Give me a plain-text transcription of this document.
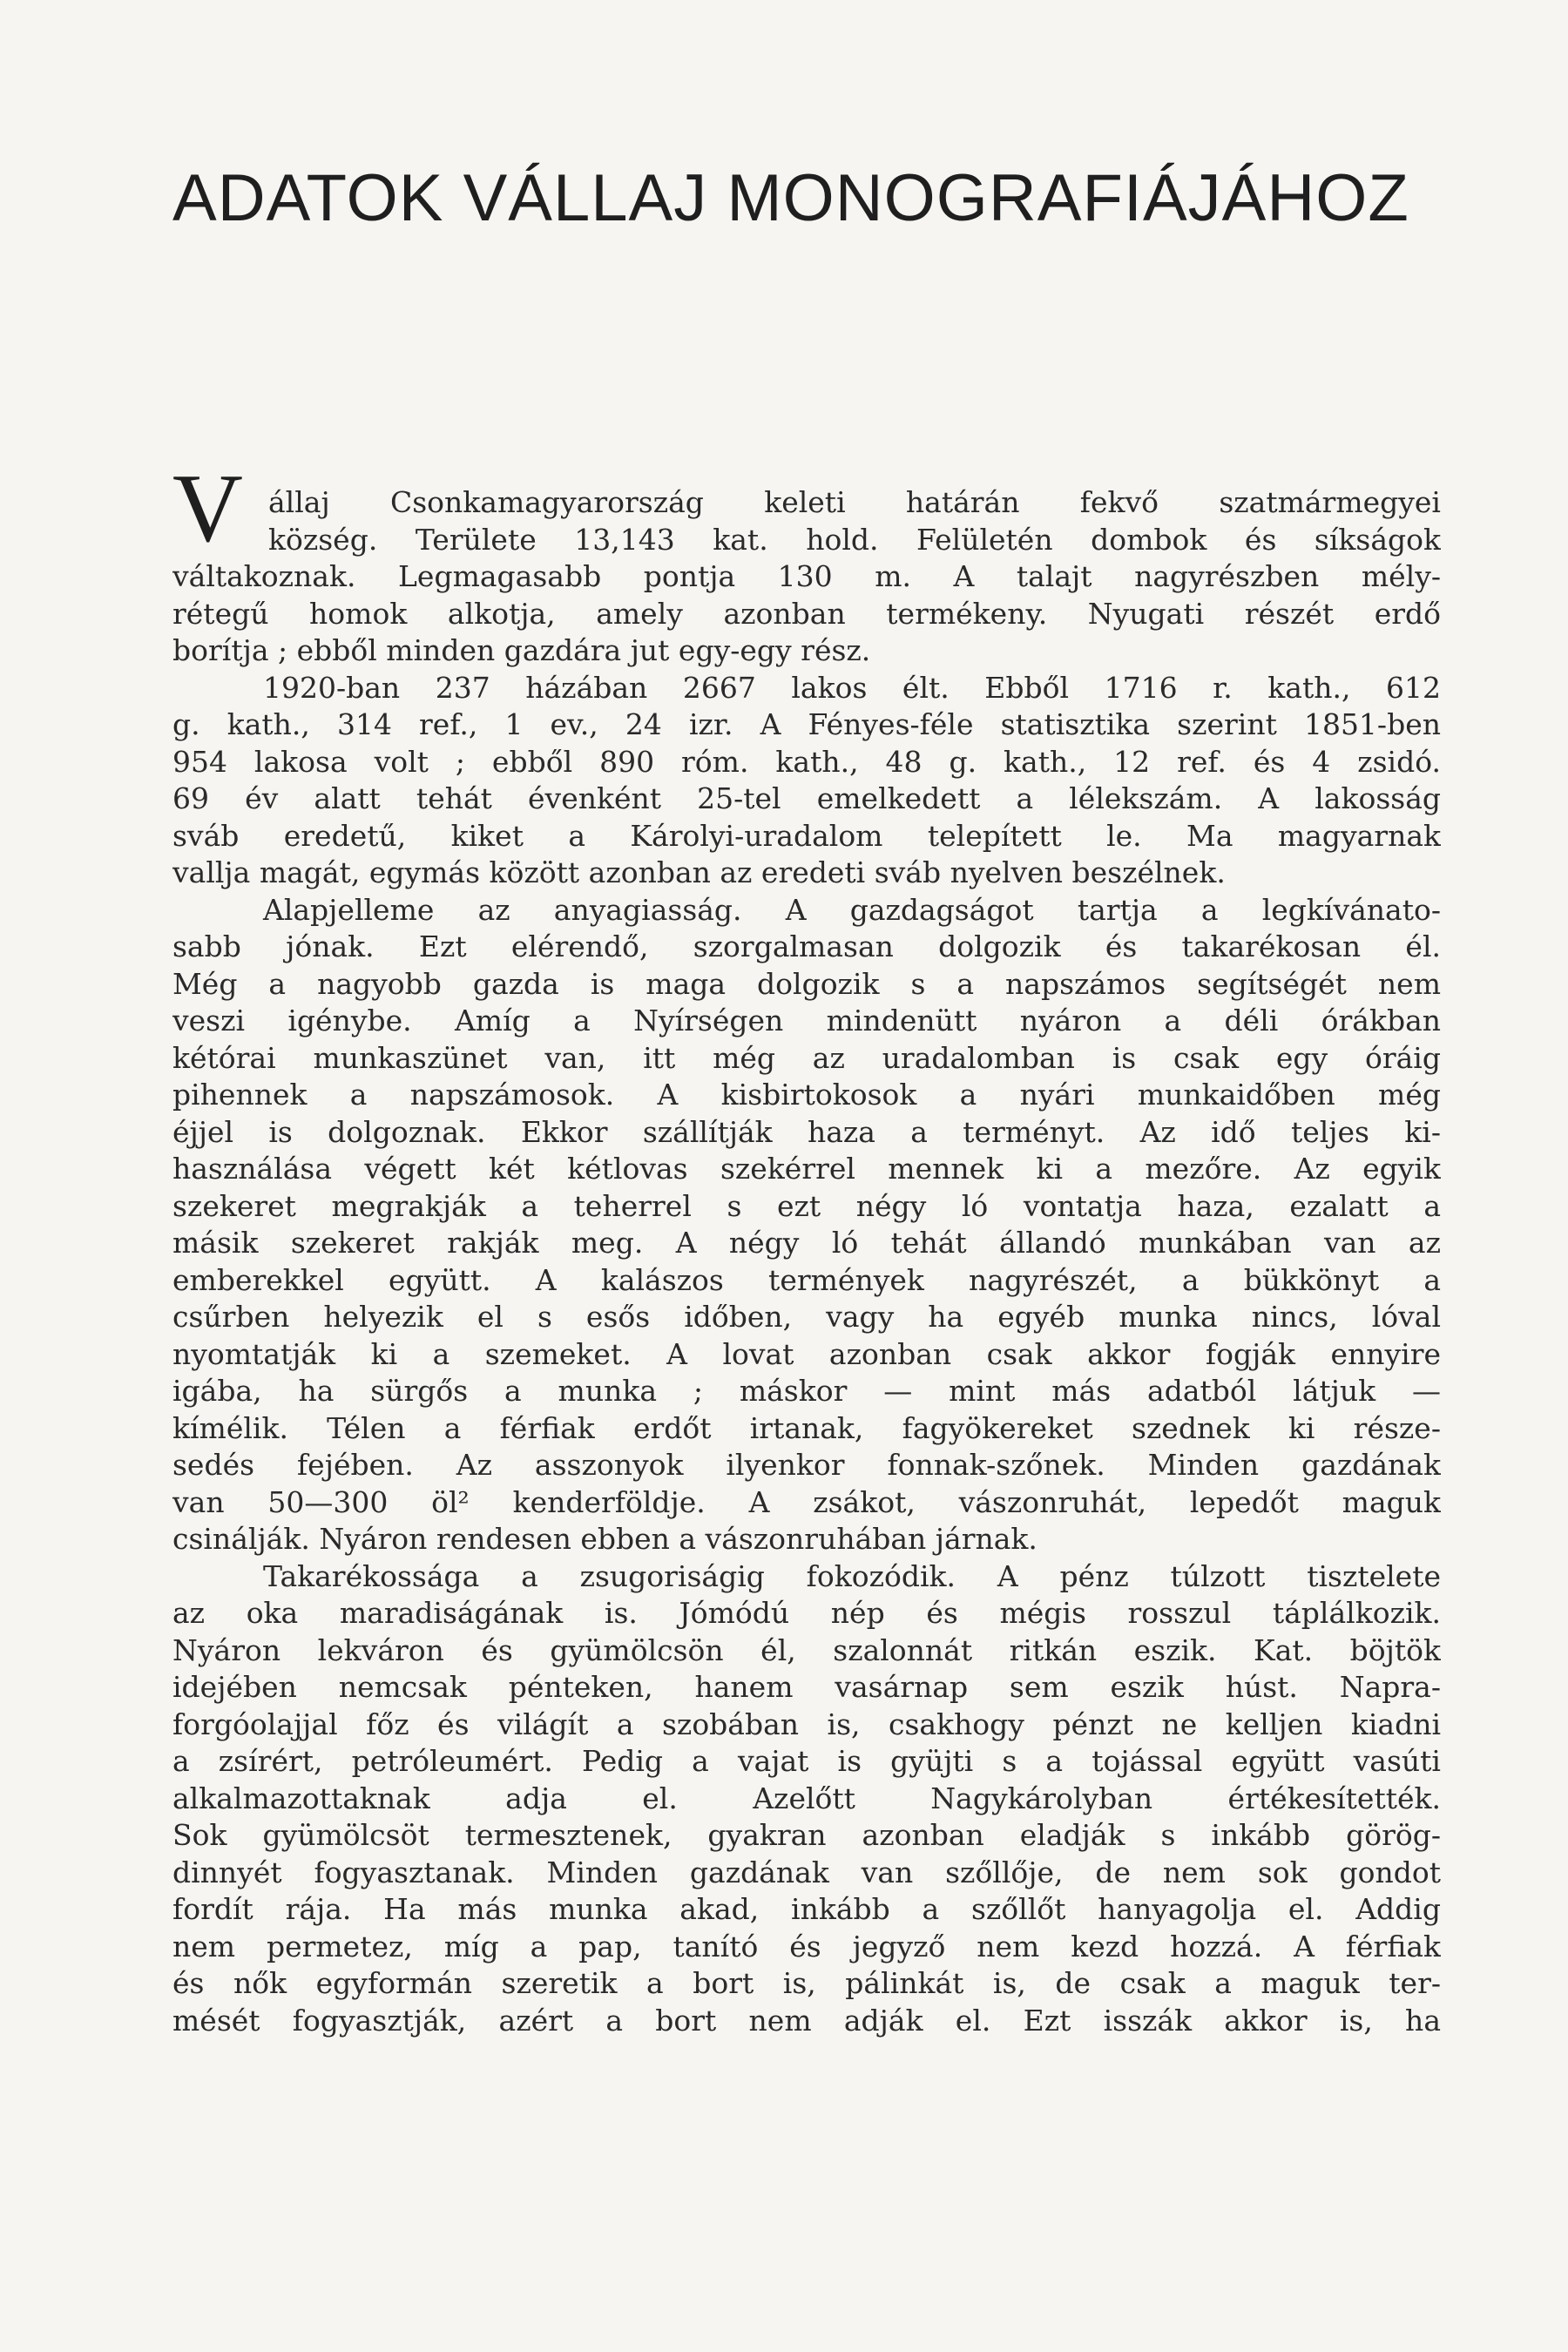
ADATOK VÁLLAJ MONOGRAFIÁJÁHOZ
V állaj Csonkamagyarország keleti határán fekvő szatmármegyei
község. Területe 13,143 kat. hold. Felületén dombok és síkságok
váltakoznak. Legmagasabb pontja 130 m. A talajt nagyrészben mély-
rétegű homok alkotja, amely azonban termékeny. Nyugati részét erdő
borítja ; ebből minden gazdára jut egy-egy rész.
1920-ban 237 házában 2667 lakos élt. Ebből 1716 r. kath., 612
g. kath., 314 ref., 1 ev., 24 izr. A Fényes-féle statisztika szerint 1851-ben
954 lakosa volt ; ebből 890 róm. kath., 48 g. kath., 12 ref. és 4 zsidó.
69 év alatt tehát évenként 25-tel emelkedett a lélekszám. A lakosság
sváb eredetű, kiket a Károlyi-uradalom telepített le. Ma magyarnak
vallja magát, egymás között azonban az eredeti sváb nyelven beszélnek.
Alapjelleme az anyagiasság. A gazdagságot tartja a legkívánato-
sabb jónak. Ezt elérendő, szorgalmasan dolgozik és takarékosan él.
Még a nagyobb gazda is maga dolgozik s a napszámos segítségét nem
veszi igénybe. Amíg a Nyírségen mindenütt nyáron a déli órákban
kétórai munkaszünet van, itt még az uradalomban is csak egy óráig
pihennek a napszámosok. A kisbirtokosok a nyári munkaidőben még
éjjel is dolgoznak. Ekkor szállítják haza a terményt. Az idő teljes ki-
használása végett két kétlovas szekérrel mennek ki a mezőre. Az egyik
szekeret megrakják a teherrel s ezt négy ló vontatja haza, ezalatt a
másik szekeret rakják meg. A négy ló tehát állandó munkában van az
emberekkel együtt. A kalászos termények nagyrészét, a bükkönyt a
csűrben helyezik el s esős időben, vagy ha egyéb munka nincs, lóval
nyomtatják ki a szemeket. A lovat azonban csak akkor fogják ennyire
igába, ha sürgős a munka ; máskor — mint más adatból látjuk —
kímélik. Télen a férfiak erdőt irtanak, fagyökereket szednek ki része-
sedés fejében. Az asszonyok ilyenkor fonnak-szőnek. Minden gazdának
van 50—300 öl² kenderföldje. A zsákot, vászonruhát, lepedőt maguk
csinálják. Nyáron rendesen ebben a vászonruhában járnak.
Takarékossága a zsugoriságig fokozódik. A pénz túlzott tisztelete
az oka maradiságának is. Jómódú nép és mégis rosszul táplálkozik.
Nyáron lekváron és gyümölcsön él, szalonnát ritkán eszik. Kat. böjtök
idejében nemcsak pénteken, hanem vasárnap sem eszik húst. Napra-
forgóolajjal főz és világít a szobában is, csakhogy pénzt ne kelljen kiadni
a zsírért, petróleumért. Pedig a vajat is gyüjti s a tojással együtt vasúti
alkalmazottaknak adja el. Azelőtt Nagykárolyban értékesítették.
Sok gyümölcsöt termesztenek, gyakran azonban eladják s inkább görög-
dinnyét fogyasztanak. Minden gazdának van szőllője, de nem sok gondot
fordít rája. Ha más munka akad, inkább a szőllőt hanyagolja el. Addig
nem permetez, míg a pap, tanító és jegyző nem kezd hozzá. A férfiak
és nők egyformán szeretik a bort is, pálinkát is, de csak a maguk ter-
mését fogyasztják, azért a bort nem adják el. Ezt isszák akkor is, ha
